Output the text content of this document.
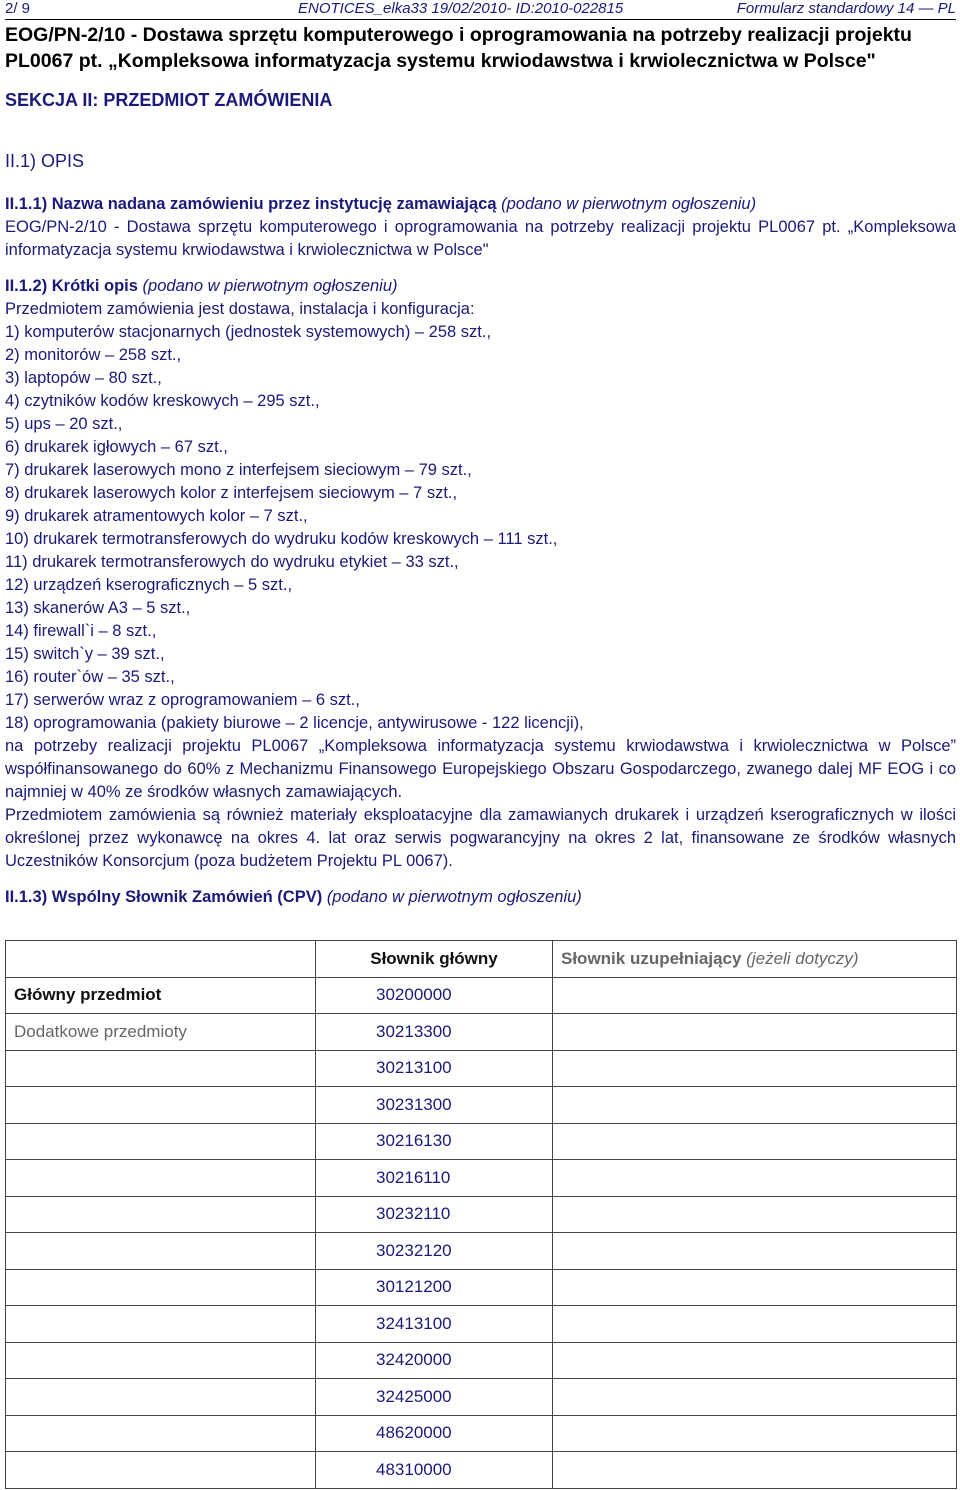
2/ 9	ENOTICES_elka33 19/02/2010- ID:2010-022815	Formularz standardowy 14 — PL
EOG/PN-2/10 - Dostawa sprzętu komputerowego i oprogramowania na potrzeby realizacji projektu PL0067 pt. „Kompleksowa informatyzacja systemu krwiodawstwa i krwiolecznictwa w Polsce"
SEKCJA II: PRZEDMIOT ZAMÓWIENIA
II.1) OPIS
II.1.1) Nazwa nadana zamówieniu przez instytucję zamawiającą (podano w pierwotnym ogłoszeniu)
EOG/PN-2/10 - Dostawa sprzętu komputerowego i oprogramowania na potrzeby realizacji projektu PL0067 pt. „Kompleksowa informatyzacja systemu krwiodawstwa i krwiolecznictwa w Polsce"
II.1.2) Krótki opis (podano w pierwotnym ogłoszeniu)
Przedmiotem zamówienia jest dostawa, instalacja i konfiguracja:
1) komputerów stacjonarnych (jednostek systemowych) – 258 szt.,
2) monitorów – 258 szt.,
3) laptopów – 80 szt.,
4) czytników kodów kreskowych – 295 szt.,
5) ups – 20 szt.,
6) drukarek igłowych – 67 szt.,
7) drukarek laserowych mono z interfejsem sieciowym – 79 szt.,
8) drukarek laserowych kolor z interfejsem sieciowym – 7 szt.,
9) drukarek atramentowych kolor – 7 szt.,
10) drukarek termotransferowych do wydruku kodów kreskowych – 111 szt.,
11) drukarek termotransferowych do wydruku etykiet – 33 szt.,
12) urządzeń kserograficznych – 5 szt.,
13) skanerów A3 – 5 szt.,
14) firewall`i – 8 szt.,
15) switch`y – 39 szt.,
16) router`ów – 35 szt.,
17) serwerów wraz z oprogramowaniem – 6 szt.,
18) oprogramowania (pakiety biurowe – 2 licencje, antywirusowe - 122 licencji),
na potrzeby realizacji projektu PL0067 „Kompleksowa informatyzacja systemu krwiodawstwa i krwiolecznictwa w Polsce” współfinansowanego do 60% z Mechanizmu Finansowego Europejskiego Obszaru Gospodarczego, zwanego dalej MF EOG i co najmniej w 40% ze środków własnych zamawiających.
Przedmiotem zamówienia są również materiały eksploatacyjne dla zamawianych drukarek i urządzeń kserograficznych w ilości określonej przez wykonawcę na okres 4. lat oraz serwis pogwarancyjny na okres 2 lat, finansowane ze środków własnych Uczestników Konsorcjum (poza budżetem Projektu PL 0067).
II.1.3) Wspólny Słownik Zamówień (CPV) (podano w pierwotnym ogłoszeniu)
	Słownik główny	Słownik uzupełniający (jeżeli dotyczy)
Główny przedmiot	30200000	
Dodatkowe przedmioty	30213300	
	30213100	
	30231300	
	30216130	
	30216110	
	30232110	
	30232120	
	30121200	
	32413100	
	32420000	
	32425000	
	48620000	
	48310000	
